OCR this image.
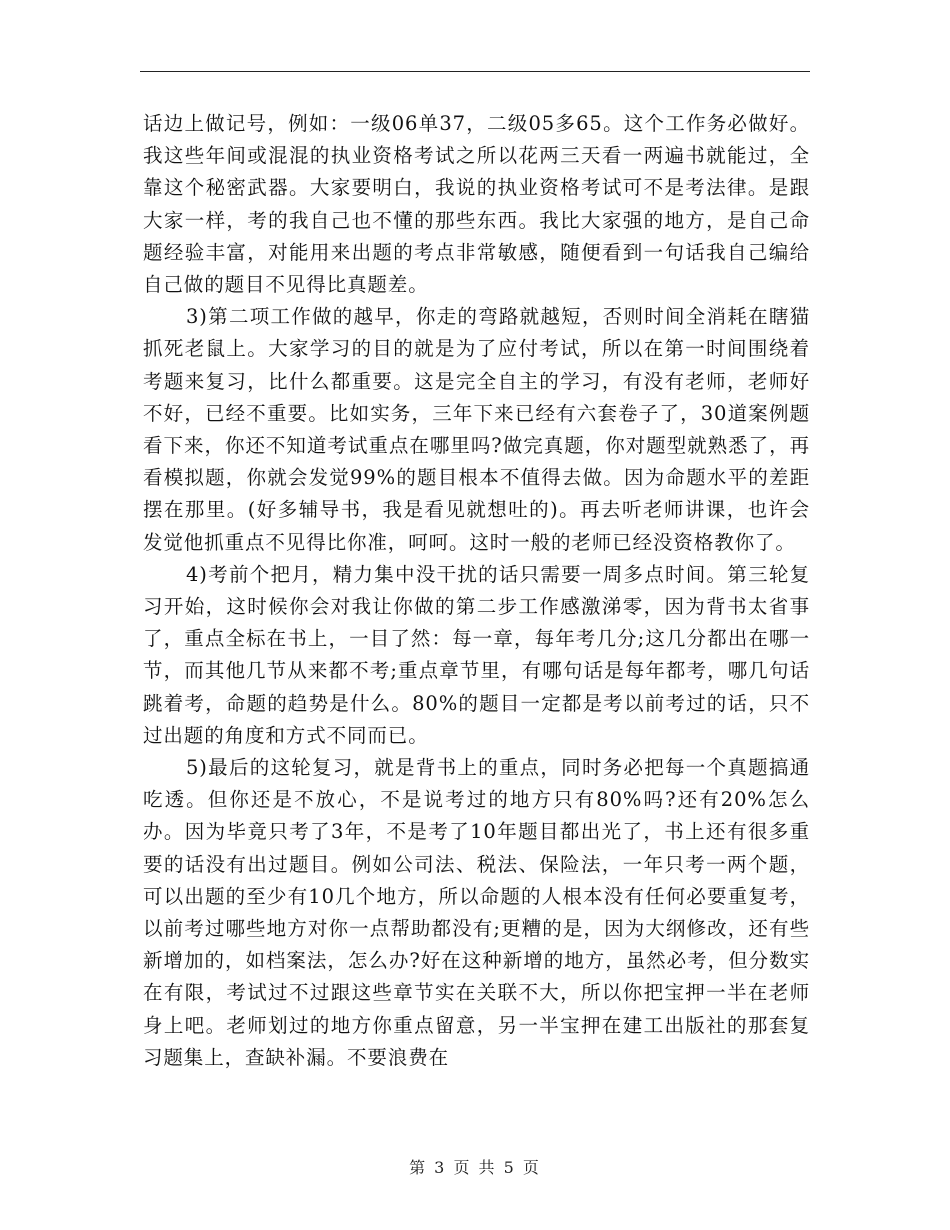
话边上做记号，例如：一级06单37，二级05多65。这个工作务必做好。我这些年间或混混的执业资格考试之所以花两三天看一两遍书就能过，全靠这个秘密武器。大家要明白，我说的执业资格考试可不是考法律。是跟大家一样，考的我自己也不懂的那些东西。我比大家强的地方，是自己命题经验丰富，对能用来出题的考点非常敏感，随便看到一句话我自己编给自己做的题目不见得比真题差。

3)第二项工作做的越早，你走的弯路就越短，否则时间全消耗在瞎猫抓死老鼠上。大家学习的目的就是为了应付考试，所以在第一时间围绕着考题来复习，比什么都重要。这是完全自主的学习，有没有老师，老师好不好，已经不重要。比如实务，三年下来已经有六套卷子了，30道案例题看下来，你还不知道考试重点在哪里吗?做完真题，你对题型就熟悉了，再看模拟题，你就会发觉99%的题目根本不值得去做。因为命题水平的差距摆在那里。(好多辅导书，我是看见就想吐的)。再去听老师讲课，也许会发觉他抓重点不见得比你准，呵呵。这时一般的老师已经没资格教你了。

4)考前个把月，精力集中没干扰的话只需要一周多点时间。第三轮复习开始，这时候你会对我让你做的第二步工作感激涕零，因为背书太省事了，重点全标在书上，一目了然：每一章，每年考几分;这几分都出在哪一节，而其他几节从来都不考;重点章节里，有哪句话是每年都考，哪几句话跳着考，命题的趋势是什么。80%的题目一定都是考以前考过的话，只不过出题的角度和方式不同而已。

5)最后的这轮复习，就是背书上的重点，同时务必把每一个真题搞通吃透。但你还是不放心，不是说考过的地方只有80%吗?还有20%怎么办。因为毕竟只考了3年，不是考了10年题目都出光了，书上还有很多重要的话没有出过题目。例如公司法、税法、保险法，一年只考一两个题，可以出题的至少有10几个地方，所以命题的人根本没有任何必要重复考，以前考过哪些地方对你一点帮助都没有;更糟的是，因为大纲修改，还有些新增加的，如档案法，怎么办?好在这种新增的地方，虽然必考，但分数实在有限，考试过不过跟这些章节实在关联不大，所以你把宝押一半在老师身上吧。老师划过的地方你重点留意，另一半宝押在建工出版社的那套复习题集上，查缺补漏。不要浪费在

第 3 页 共 5 页
